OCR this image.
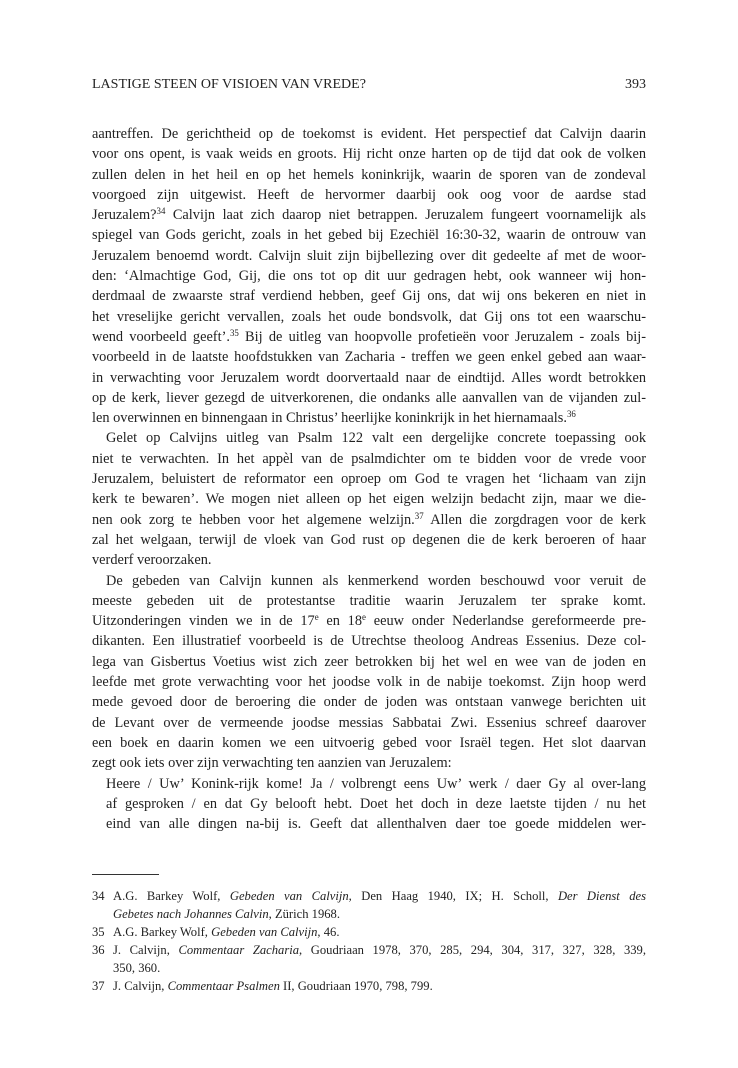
LASTIGE STEEN OF VISIOEN VAN VREDE?	393
aantreffen. De gerichtheid op de toekomst is evident. Het perspectief dat Calvijn daarin
voor ons opent, is vaak weids en groots. Hij richt onze harten op de tijd dat ook de volken
zullen delen in het heil en op het hemels koninkrijk, waarin de sporen van de zondeval
voorgoed zijn uitgewist. Heeft de hervormer daarbij ook oog voor de aardse stad
Jeruzalem?$^{34}$ Calvijn laat zich daarop niet betrappen. Jeruzalem fungeert voornamelijk als
spiegel van Gods gericht, zoals in het gebed bij Ezechiël 16:30-32, waarin de ontrouw van
Jeruzalem benoemd wordt. Calvijn sluit zijn bijbellezing over dit gedeelte af met de woor-
den: ‘Almachtige God, Gij, die ons tot op dit uur gedragen hebt, ook wanneer wij hon-
derdmaal de zwaarste straf verdiend hebben, geef Gij ons, dat wij ons bekeren en niet in
het vreselijke gericht vervallen, zoals het oude bondsvolk, dat Gij ons tot een waarschu-
wend voorbeeld geeft’.$^{35}$ Bij de uitleg van hoopvolle profetieën voor Jeruzalem - zoals bij-
voorbeeld in de laatste hoofdstukken van Zacharia - treffen we geen enkel gebed aan waar-
in verwachting voor Jeruzalem wordt doorvertaald naar de eindtijd. Alles wordt betrokken
op de kerk, liever gezegd de uitverkorenen, die ondanks alle aanvallen van de vijanden zul-
len overwinnen en binnengaan in Christus’ heerlijke koninkrijk in het hiernamaals.$^{36}$
Gelet op Calvijns uitleg van Psalm 122 valt een dergelijke concrete toepassing ook
niet te verwachten. In het appèl van de psalmdichter om te bidden voor de vrede voor
Jeruzalem, beluistert de reformator een oproep om God te vragen het ‘lichaam van zijn
kerk te bewaren’. We mogen niet alleen op het eigen welzijn bedacht zijn, maar we die-
nen ook zorg te hebben voor het algemene welzijn.$^{37}$ Allen die zorgdragen voor de kerk
zal het welgaan, terwijl de vloek van God rust op degenen die de kerk beroeren of haar
verderf veroorzaken.
De gebeden van Calvijn kunnen als kenmerkend worden beschouwd voor veruit de
meeste gebeden uit de protestantse traditie waarin Jeruzalem ter sprake komt.
Uitzonderingen vinden we in de 17e en 18e eeuw onder Nederlandse gereformeerde pre-
dikanten. Een illustratief voorbeeld is de Utrechtse theoloog Andreas Essenius. Deze col-
lega van Gisbertus Voetius wist zich zeer betrokken bij het wel en wee van de joden en
leefde met grote verwachting voor het joodse volk in de nabije toekomst. Zijn hoop werd
mede gevoed door de beroering die onder de joden was ontstaan vanwege berichten uit
de Levant over de vermeende joodse messias Sabbatai Zwi. Essenius schreef daarover
een boek en daarin komen we een uitvoerig gebed voor Israël tegen. Het slot daarvan
zegt ook iets over zijn verwachting ten aanzien van Jeruzalem:
Heere / Uw’ Konink-rijk kome! Ja / volbrengt eens Uw’ werk / daer Gy al over-lang
af gesproken / en dat Gy belooft hebt. Doet het doch in deze laetste tijden / nu het
eind van alle dingen na-bij is. Geeft dat allenthalven daer toe goede middelen wer-
34 A.G. Barkey Wolf, Gebeden van Calvijn, Den Haag 1940, IX; H. Scholl, Der Dienst des
Gebetes nach Johannes Calvin, Zürich 1968.
35 A.G. Barkey Wolf, Gebeden van Calvijn, 46.
36 J. Calvijn, Commentaar Zacharia, Goudriaan 1978, 370, 285, 294, 304, 317, 327, 328, 339,
350, 360.
37 J. Calvijn, Commentaar Psalmen II, Goudriaan 1970, 798, 799.
